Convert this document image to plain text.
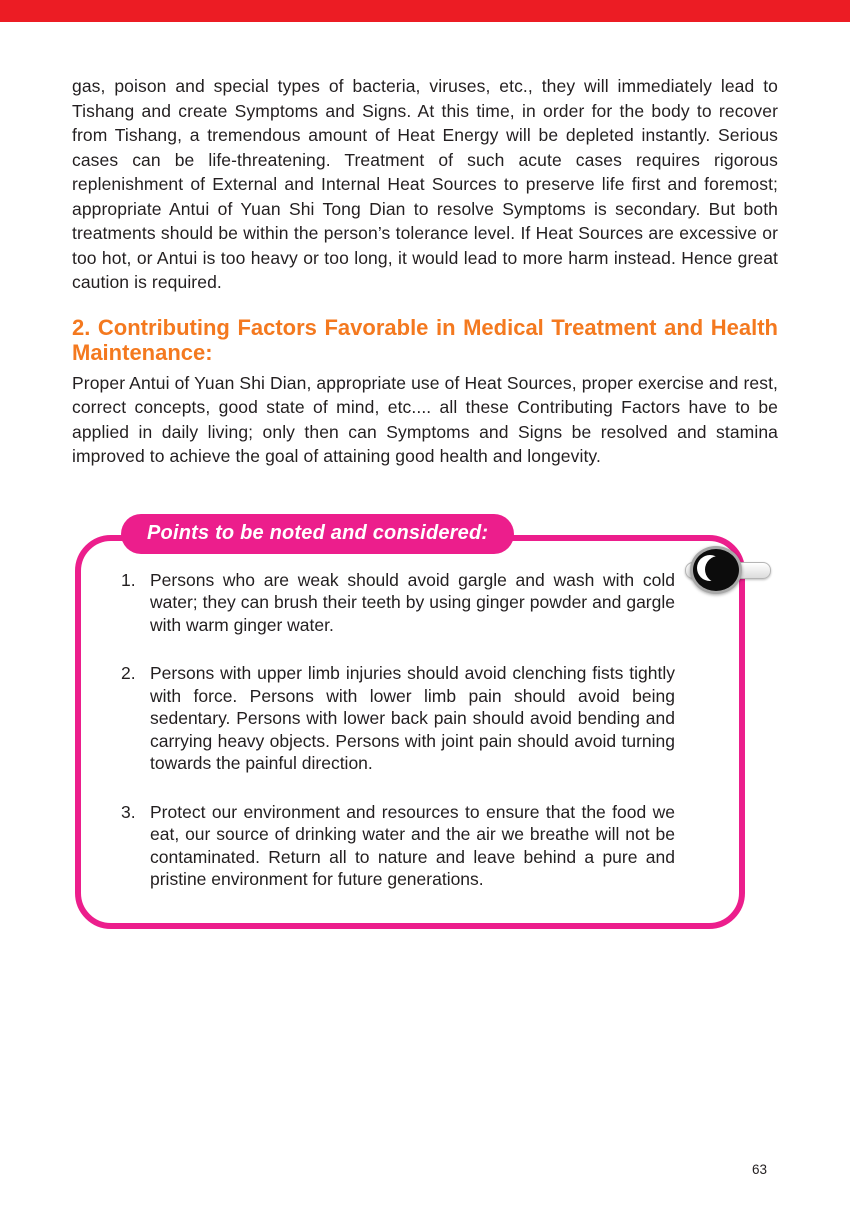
gas, poison and special types of bacteria, viruses, etc., they will immediately lead to Tishang and create Symptoms and Signs. At this time, in order for the body to recover from Tishang, a tremendous amount of Heat Energy will be depleted instantly. Serious cases can be life-threatening. Treatment of such acute cases requires rigorous replenishment of External and Internal Heat Sources to preserve life first and foremost; appropriate Antui of Yuan Shi Tong Dian to resolve Symptoms is secondary. But both treatments should be within the person’s tolerance level. If Heat Sources are excessive or too hot, or Antui is too heavy or too long, it would lead to more harm instead. Hence great caution is required.

2. Contributing Factors Favorable in Medical Treatment and Health Maintenance:

Proper Antui of Yuan Shi Dian, appropriate use of Heat Sources, proper exercise and rest, correct concepts, good state of mind, etc.... all these Contributing Factors have to be applied in daily living; only then can Symptoms and Signs be resolved and stamina improved to achieve the goal of attaining good health and longevity.

Points to be noted and considered:
1. Persons who are weak should avoid gargle and wash with cold water; they can brush their teeth by using ginger powder and gargle with warm ginger water.
2. Persons with upper limb injuries should avoid clenching fists tightly with force. Persons with lower limb pain should avoid being sedentary. Persons with lower back pain should avoid bending and carrying heavy objects. Persons with joint pain should avoid turning towards the painful direction.
3. Protect our environment and resources to ensure that the food we eat, our source of drinking water and the air we breathe will not be contaminated. Return all to nature and leave behind a pure and pristine environment for future generations.
63
